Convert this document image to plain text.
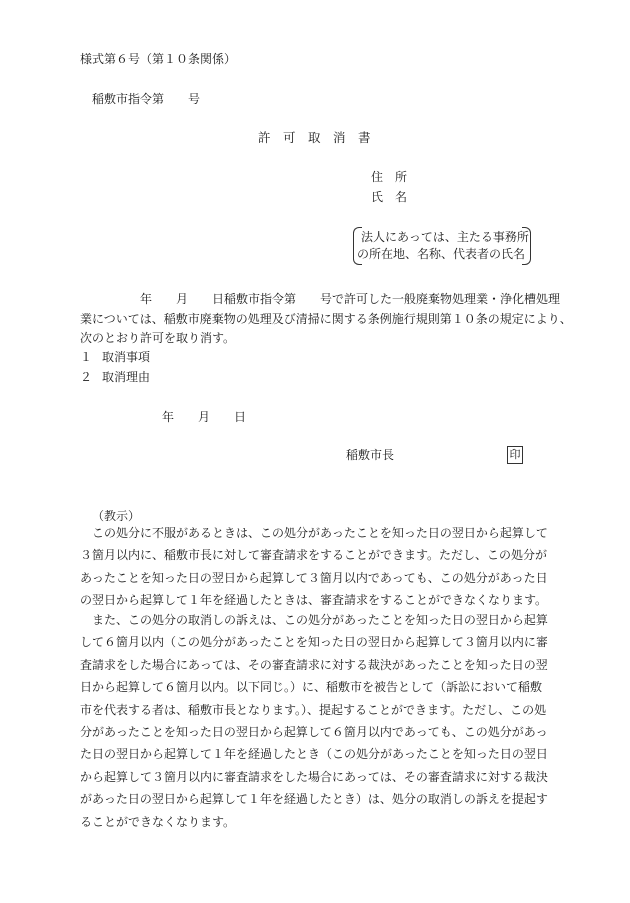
様式第６号（第１０条関係）
稲敷市指令第　　号
許　可　取　消　書
住　所
氏　名
法人にあっては、主たる事務所
の所在地、名称、代表者の氏名
　　　　　年　　月　　日稲敷市指令第　　号で許可した一般廃棄物処理業・浄化槽処理
業については、稲敷市廃棄物の処理及び清掃に関する条例施行規則第１０条の規定により、
次のとおり許可を取り消す。
１ 取消事項
２ 取消理由
年　　月　　日
稲敷市長	印
（教示）
　この処分に不服があるときは、この処分があったことを知った日の翌日から起算して３箇月以内に、稲敷市長に対して審査請求をすることができます。ただし、この処分があったことを知った日の翌日から起算して３箇月以内であっても、この処分があった日の翌日から起算して１年を経過したときは、審査請求をすることができなくなります。
　また、この処分の取消しの訴えは、この処分があったことを知った日の翌日から起算して６箇月以内（この処分があったことを知った日の翌日から起算して３箇月以内に審査請求をした場合にあっては、その審査請求に対する裁決があったことを知った日の翌日から起算して６箇月以内。以下同じ。）に、稲敷市を被告として（訴訟において稲敷市を代表する者は、稲敷市長となります。）、提起することができます。ただし、この処分があったことを知った日の翌日から起算して６箇月以内であっても、この処分があった日の翌日から起算して１年を経過したとき（この処分があったことを知った日の翌日から起算して３箇月以内に審査請求をした場合にあっては、その審査請求に対する裁決があった日の翌日から起算して１年を経過したとき）は、処分の取消しの訴えを提起することができなくなります。
